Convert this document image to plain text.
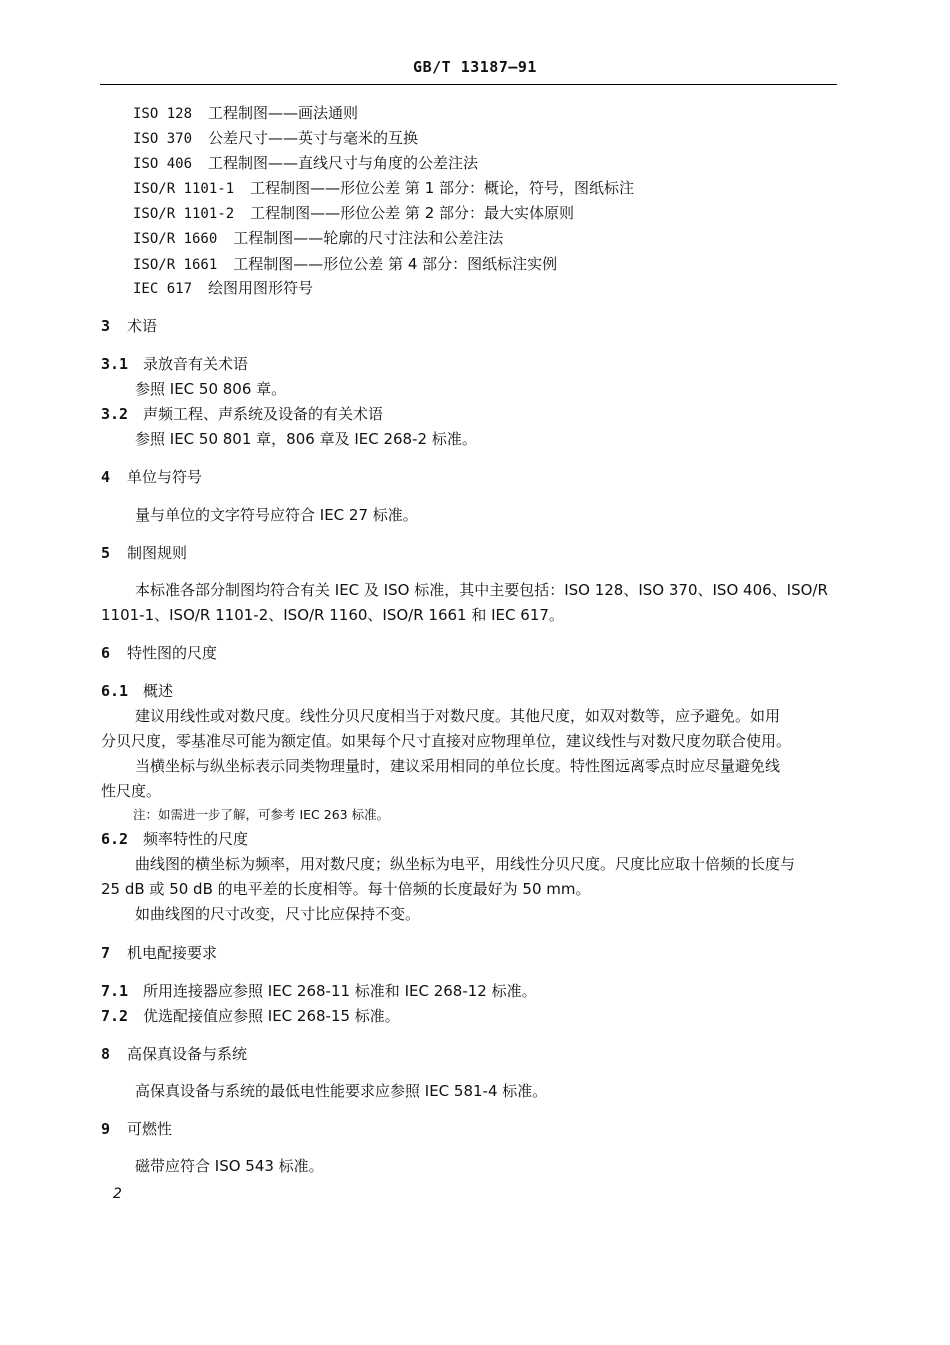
GB/T 13187—91
ISO 128 工程制图——画法通则
ISO 370 公差尺寸——英寸与毫米的互换
ISO 406 工程制图——直线尺寸与角度的公差注法
ISO/R 1101-1 工程制图——形位公差 第 1 部分：概论，符号，图纸标注
ISO/R 1101-2 工程制图——形位公差 第 2 部分：最大实体原则
ISO/R 1660 工程制图——轮廓的尺寸注法和公差注法
ISO/R 1661 工程制图——形位公差 第 4 部分：图纸标注实例
IEC 617 绘图用图形符号
3 术语
3.1 录放音有关术语
参照 IEC 50 806 章。
3.2 声频工程、声系统及设备的有关术语
参照 IEC 50 801 章，806 章及 IEC 268-2 标准。
4 单位与符号
量与单位的文字符号应符合 IEC 27 标准。
5 制图规则
本标准各部分制图均符合有关 IEC 及 ISO 标准，其中主要包括：ISO 128、ISO 370、ISO 406、ISO/R
1101-1、ISO/R 1101-2、ISO/R 1160、ISO/R 1661 和 IEC 617。
6 特性图的尺度
6.1 概述
建议用线性或对数尺度。线性分贝尺度相当于对数尺度。其他尺度，如双对数等，应予避免。如用
分贝尺度，零基准尽可能为额定值。如果每个尺寸直接对应物理单位，建议线性与对数尺度勿联合使用。
当横坐标与纵坐标表示同类物理量时，建议采用相同的单位长度。特性图远离零点时应尽量避免线
性尺度。
注：如需进一步了解，可参考 IEC 263 标准。
6.2 频率特性的尺度
曲线图的横坐标为频率，用对数尺度；纵坐标为电平，用线性分贝尺度。尺度比应取十倍频的长度与
25 dB 或 50 dB 的电平差的长度相等。每十倍频的长度最好为 50 mm。
如曲线图的尺寸改变，尺寸比应保持不变。
7 机电配接要求
7.1 所用连接器应参照 IEC 268-11 标准和 IEC 268-12 标准。
7.2 优选配接值应参照 IEC 268-15 标准。
8 高保真设备与系统
高保真设备与系统的最低电性能要求应参照 IEC 581-4 标准。
9 可燃性
磁带应符合 ISO 543 标准。
2
